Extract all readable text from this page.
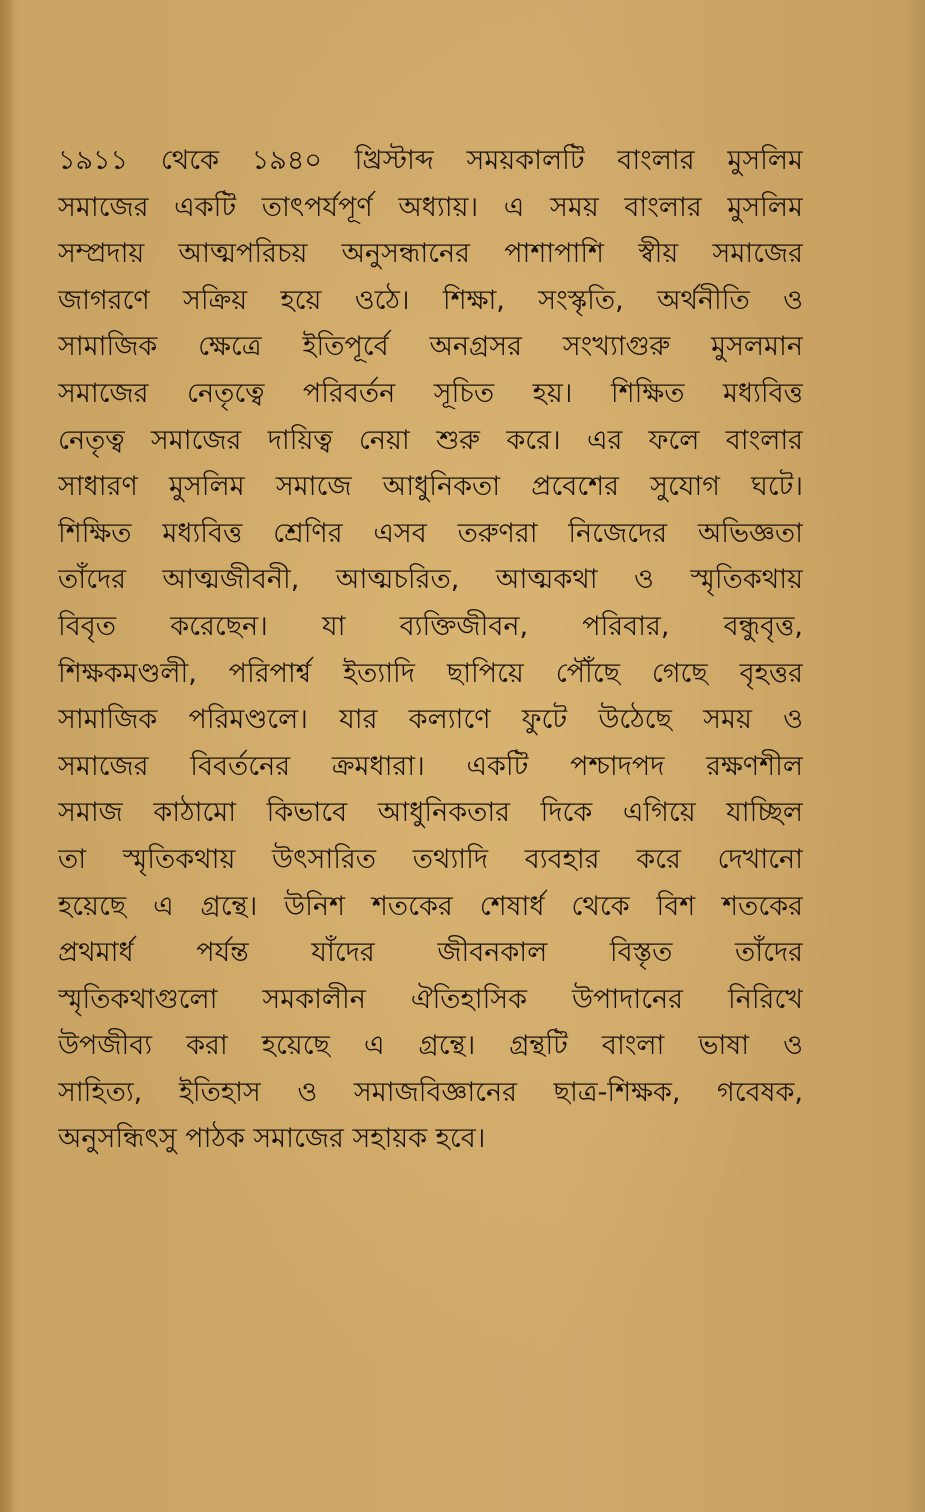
১৯১১ থেকে ১৯৪০ খ্রিস্টাব্দ সময়কালটি বাংলার মুসলিম
সমাজের একটি তাৎপর্যপূর্ণ অধ্যায়। এ সময় বাংলার মুসলিম
সম্প্রদায় আত্মপরিচয় অনুসন্ধানের পাশাপাশি স্বীয় সমাজের
জাগরণে সক্রিয় হয়ে ওঠে। শিক্ষা, সংস্কৃতি, অর্থনীতি ও
সামাজিক ক্ষেত্রে ইতিপূর্বে অনগ্রসর সংখ্যাগুরু মুসলমান
সমাজের নেতৃত্বে পরিবর্তন সূচিত হয়। শিক্ষিত মধ্যবিত্ত
নেতৃত্ব সমাজের দায়িত্ব নেয়া শুরু করে। এর ফলে বাংলার
সাধারণ মুসলিম সমাজে আধুনিকতা প্রবেশের সুযোগ ঘটে।
শিক্ষিত মধ্যবিত্ত শ্রেণির এসব তরুণরা নিজেদের অভিজ্ঞতা
তাঁদের আত্মজীবনী, আত্মচরিত, আত্মকথা ও স্মৃতিকথায়
বিবৃত করেছেন। যা ব্যক্তিজীবন, পরিবার, বন্ধুবৃত্ত,
শিক্ষকমণ্ডলী, পরিপার্শ্ব ইত্যাদি ছাপিয়ে পৌঁছে গেছে বৃহত্তর
সামাজিক পরিমণ্ডলে। যার কল্যাণে ফুটে উঠেছে সময় ও
সমাজের বিবর্তনের ক্রমধারা। একটি পশ্চাদপদ রক্ষণশীল
সমাজ কাঠামো কিভাবে আধুনিকতার দিকে এগিয়ে যাচ্ছিল
তা স্মৃতিকথায় উৎসারিত তথ্যাদি ব্যবহার করে দেখানো
হয়েছে এ গ্রন্থে। উনিশ শতকের শেষার্ধ থেকে বিশ শতকের
প্রথমার্ধ পর্যন্ত যাঁদের জীবনকাল বিস্তৃত তাঁদের
স্মৃতিকথাগুলো সমকালীন ঐতিহাসিক উপাদানের নিরিখে
উপজীব্য করা হয়েছে এ গ্রন্থে। গ্রন্থটি বাংলা ভাষা ও
সাহিত্য, ইতিহাস ও সমাজবিজ্ঞানের ছাত্র-শিক্ষক, গবেষক,
অনুসন্ধিৎসু পাঠক সমাজের সহায়ক হবে।
